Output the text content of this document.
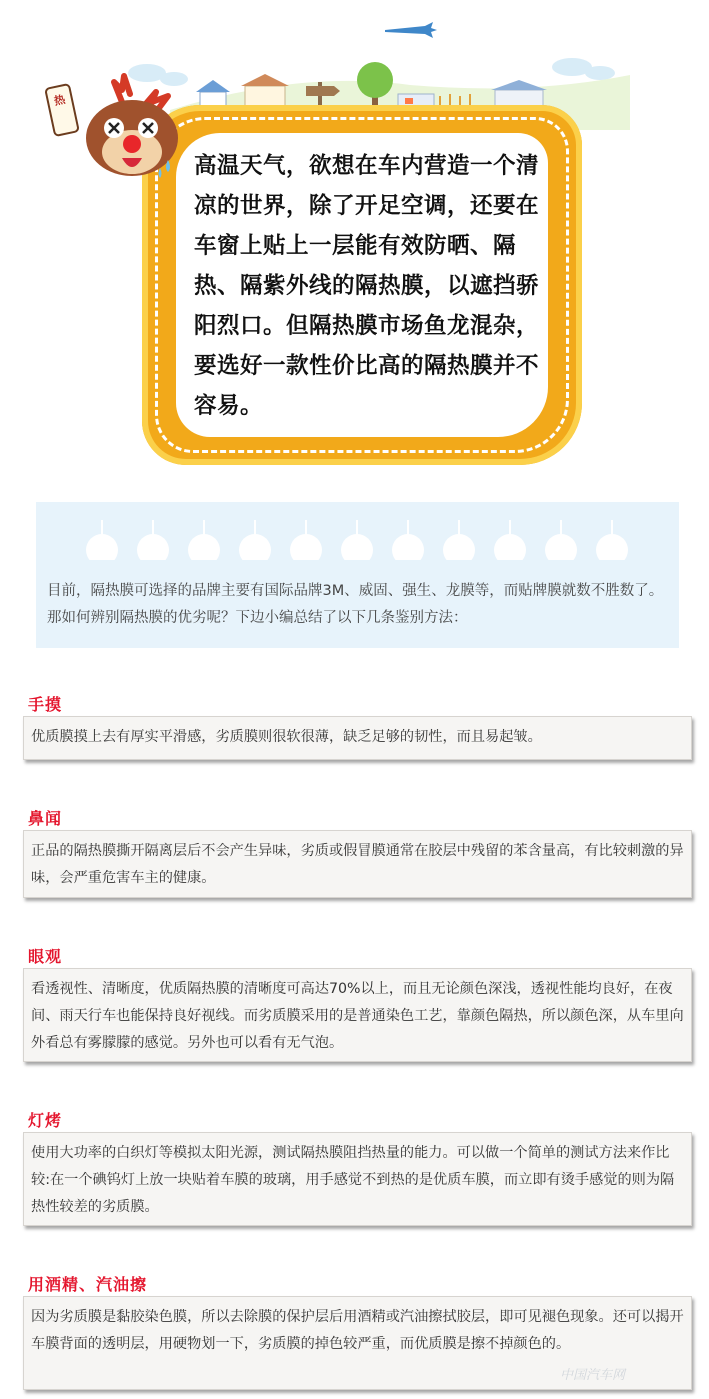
热

高温天气，欲想在车内营造一个清凉的世界，除了开足空调，还要在车窗上贴上一层能有效防晒、隔热、隔紫外线的隔热膜，以遮挡骄阳烈口。但隔热膜市场鱼龙混杂，要选好一款性价比高的隔热膜并不容易。

目前，隔热膜可选择的品牌主要有国际品牌3M、威固、强生、龙膜等，而贴牌膜就数不胜数了。那如何辨别隔热膜的优劣呢？下边小编总结了以下几条鉴别方法：

手摸

优质膜摸上去有厚实平滑感，劣质膜则很软很薄，缺乏足够的韧性，而且易起皱。

鼻闻

正品的隔热膜撕开隔离层后不会产生异味，劣质或假冒膜通常在胶层中残留的苯含量高，有比较刺激的异味，会严重危害车主的健康。

眼观

看透视性、清晰度，优质隔热膜的清晰度可高达70%以上，而且无论颜色深浅，透视性能均良好，在夜间、雨天行车也能保持良好视线。而劣质膜采用的是普通染色工艺，靠颜色隔热，所以颜色深，从车里向外看总有雾朦朦的感觉。另外也可以看有无气泡。

灯烤

使用大功率的白织灯等模拟太阳光源，测试隔热膜阻挡热量的能力。可以做一个简单的测试方法来作比较:在一个碘钨灯上放一块贴着车膜的玻璃，用手感觉不到热的是优质车膜，而立即有烫手感觉的则为隔热性较差的劣质膜。

用酒精、汽油擦

因为劣质膜是黏胶染色膜，所以去除膜的保护层后用酒精或汽油擦拭胶层，即可见褪色现象。还可以揭开车膜背面的透明层，用硬物划一下，劣质膜的掉色较严重，而优质膜是擦不掉颜色的。

中国汽车网
